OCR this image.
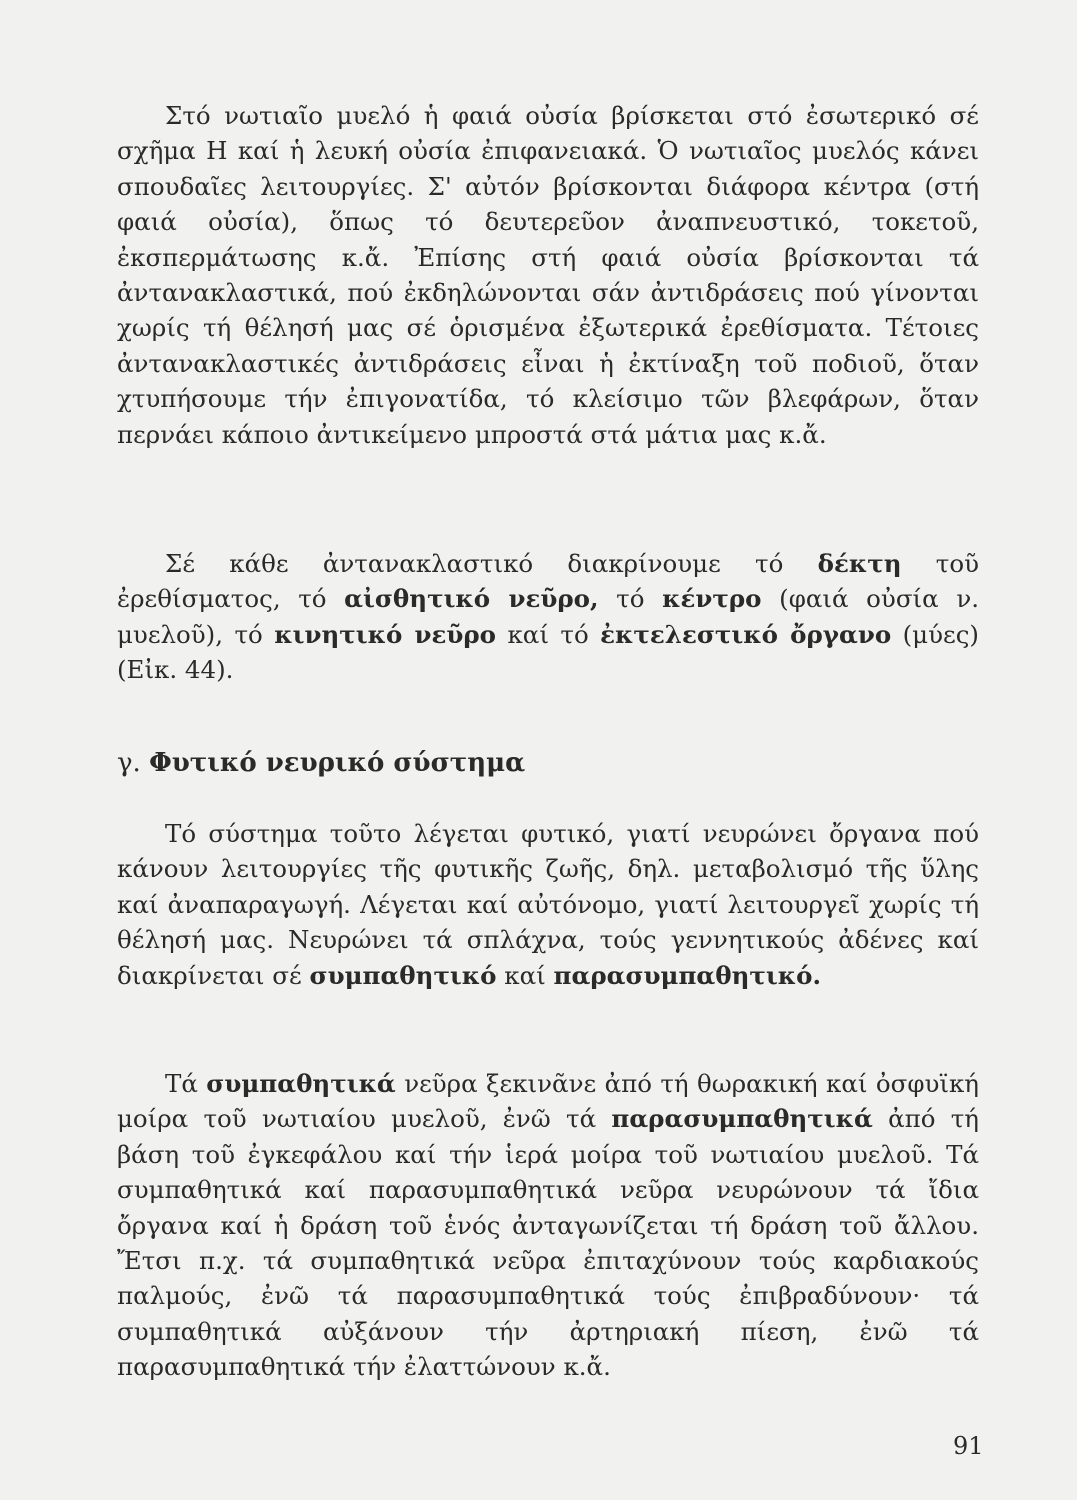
Στό νωτιαῖο μυελό ἡ φαιά οὐσία βρίσκεται στό ἐσωτερικό σέ σχῆμα Η καί ἡ λευκή οὐσία ἐπιφανειακά. Ὁ νωτιαῖος μυελός κάνει σπουδαῖες λειτουργίες. Σ' αὐτόν βρίσκονται διάφορα κέντρα (στή φαιά οὐσία), ὅπως τό δευτερεῦον ἀναπνευστικό, τοκετοῦ, ἐκσπερμάτωσης κ.ἄ. Ἐπίσης στή φαιά οὐσία βρίσκονται τά ἀντανακλαστικά, πού ἐκδηλώνονται σάν ἀντιδράσεις πού γίνονται χωρίς τή θέλησή μας σέ ὁρισμένα ἐξωτερικά ἐρεθίσματα. Τέτοιες ἀντανακλαστικές ἀντιδράσεις εἶναι ἡ ἐκτίναξη τοῦ ποδιοῦ, ὅταν χτυπήσουμε τήν ἐπιγονατίδα, τό κλείσιμο τῶν βλεφάρων, ὅταν περνάει κάποιο ἀντικείμενο μπροστά στά μάτια μας κ.ἄ.

Σέ κάθε ἀντανακλαστικό διακρίνουμε τό δέκτη τοῦ ἐρεθίσματος, τό αἰσθητικό νεῦρο, τό κέντρο (φαιά οὐσία ν. μυελοῦ), τό κινητικό νεῦρο καί τό ἐκτελεστικό ὄργανο (μύες) (Εἰκ. 44).

γ. Φυτικό νευρικό σύστημα

Τό σύστημα τοῦτο λέγεται φυτικό, γιατί νευρώνει ὄργανα πού κάνουν λειτουργίες τῆς φυτικῆς ζωῆς, δηλ. μεταβολισμό τῆς ὕλης καί ἀναπαραγωγή. Λέγεται καί αὐτόνομο, γιατί λειτουργεῖ χωρίς τή θέλησή μας. Νευρώνει τά σπλάχνα, τούς γεννητικούς ἀδένες καί διακρίνεται σέ συμπαθητικό καί παρασυμπαθητικό.

Τά συμπαθητικά νεῦρα ξεκινᾶνε ἀπό τή θωρακική καί ὀσφυϊκή μοίρα τοῦ νωτιαίου μυελοῦ, ἐνῶ τά παρασυμπαθητικά ἀπό τή βάση τοῦ ἐγκεφάλου καί τήν ἱερά μοίρα τοῦ νωτιαίου μυελοῦ. Τά συμπαθητικά καί παρασυμπαθητικά νεῦρα νευρώνουν τά ἴδια ὄργανα καί ἡ δράση τοῦ ἑνός ἀνταγωνίζεται τή δράση τοῦ ἄλλου. Ἔτσι π.χ. τά συμπαθητικά νεῦρα ἐπιταχύνουν τούς καρδιακούς παλμούς, ἐνῶ τά παρασυμπαθητικά τούς ἐπιβραδύνουν· τά συμπαθητικά αὐξάνουν τήν ἀρτηριακή πίεση, ἐνῶ τά παρασυμπαθητικά τήν ἐλαττώνουν κ.ἄ.

91
